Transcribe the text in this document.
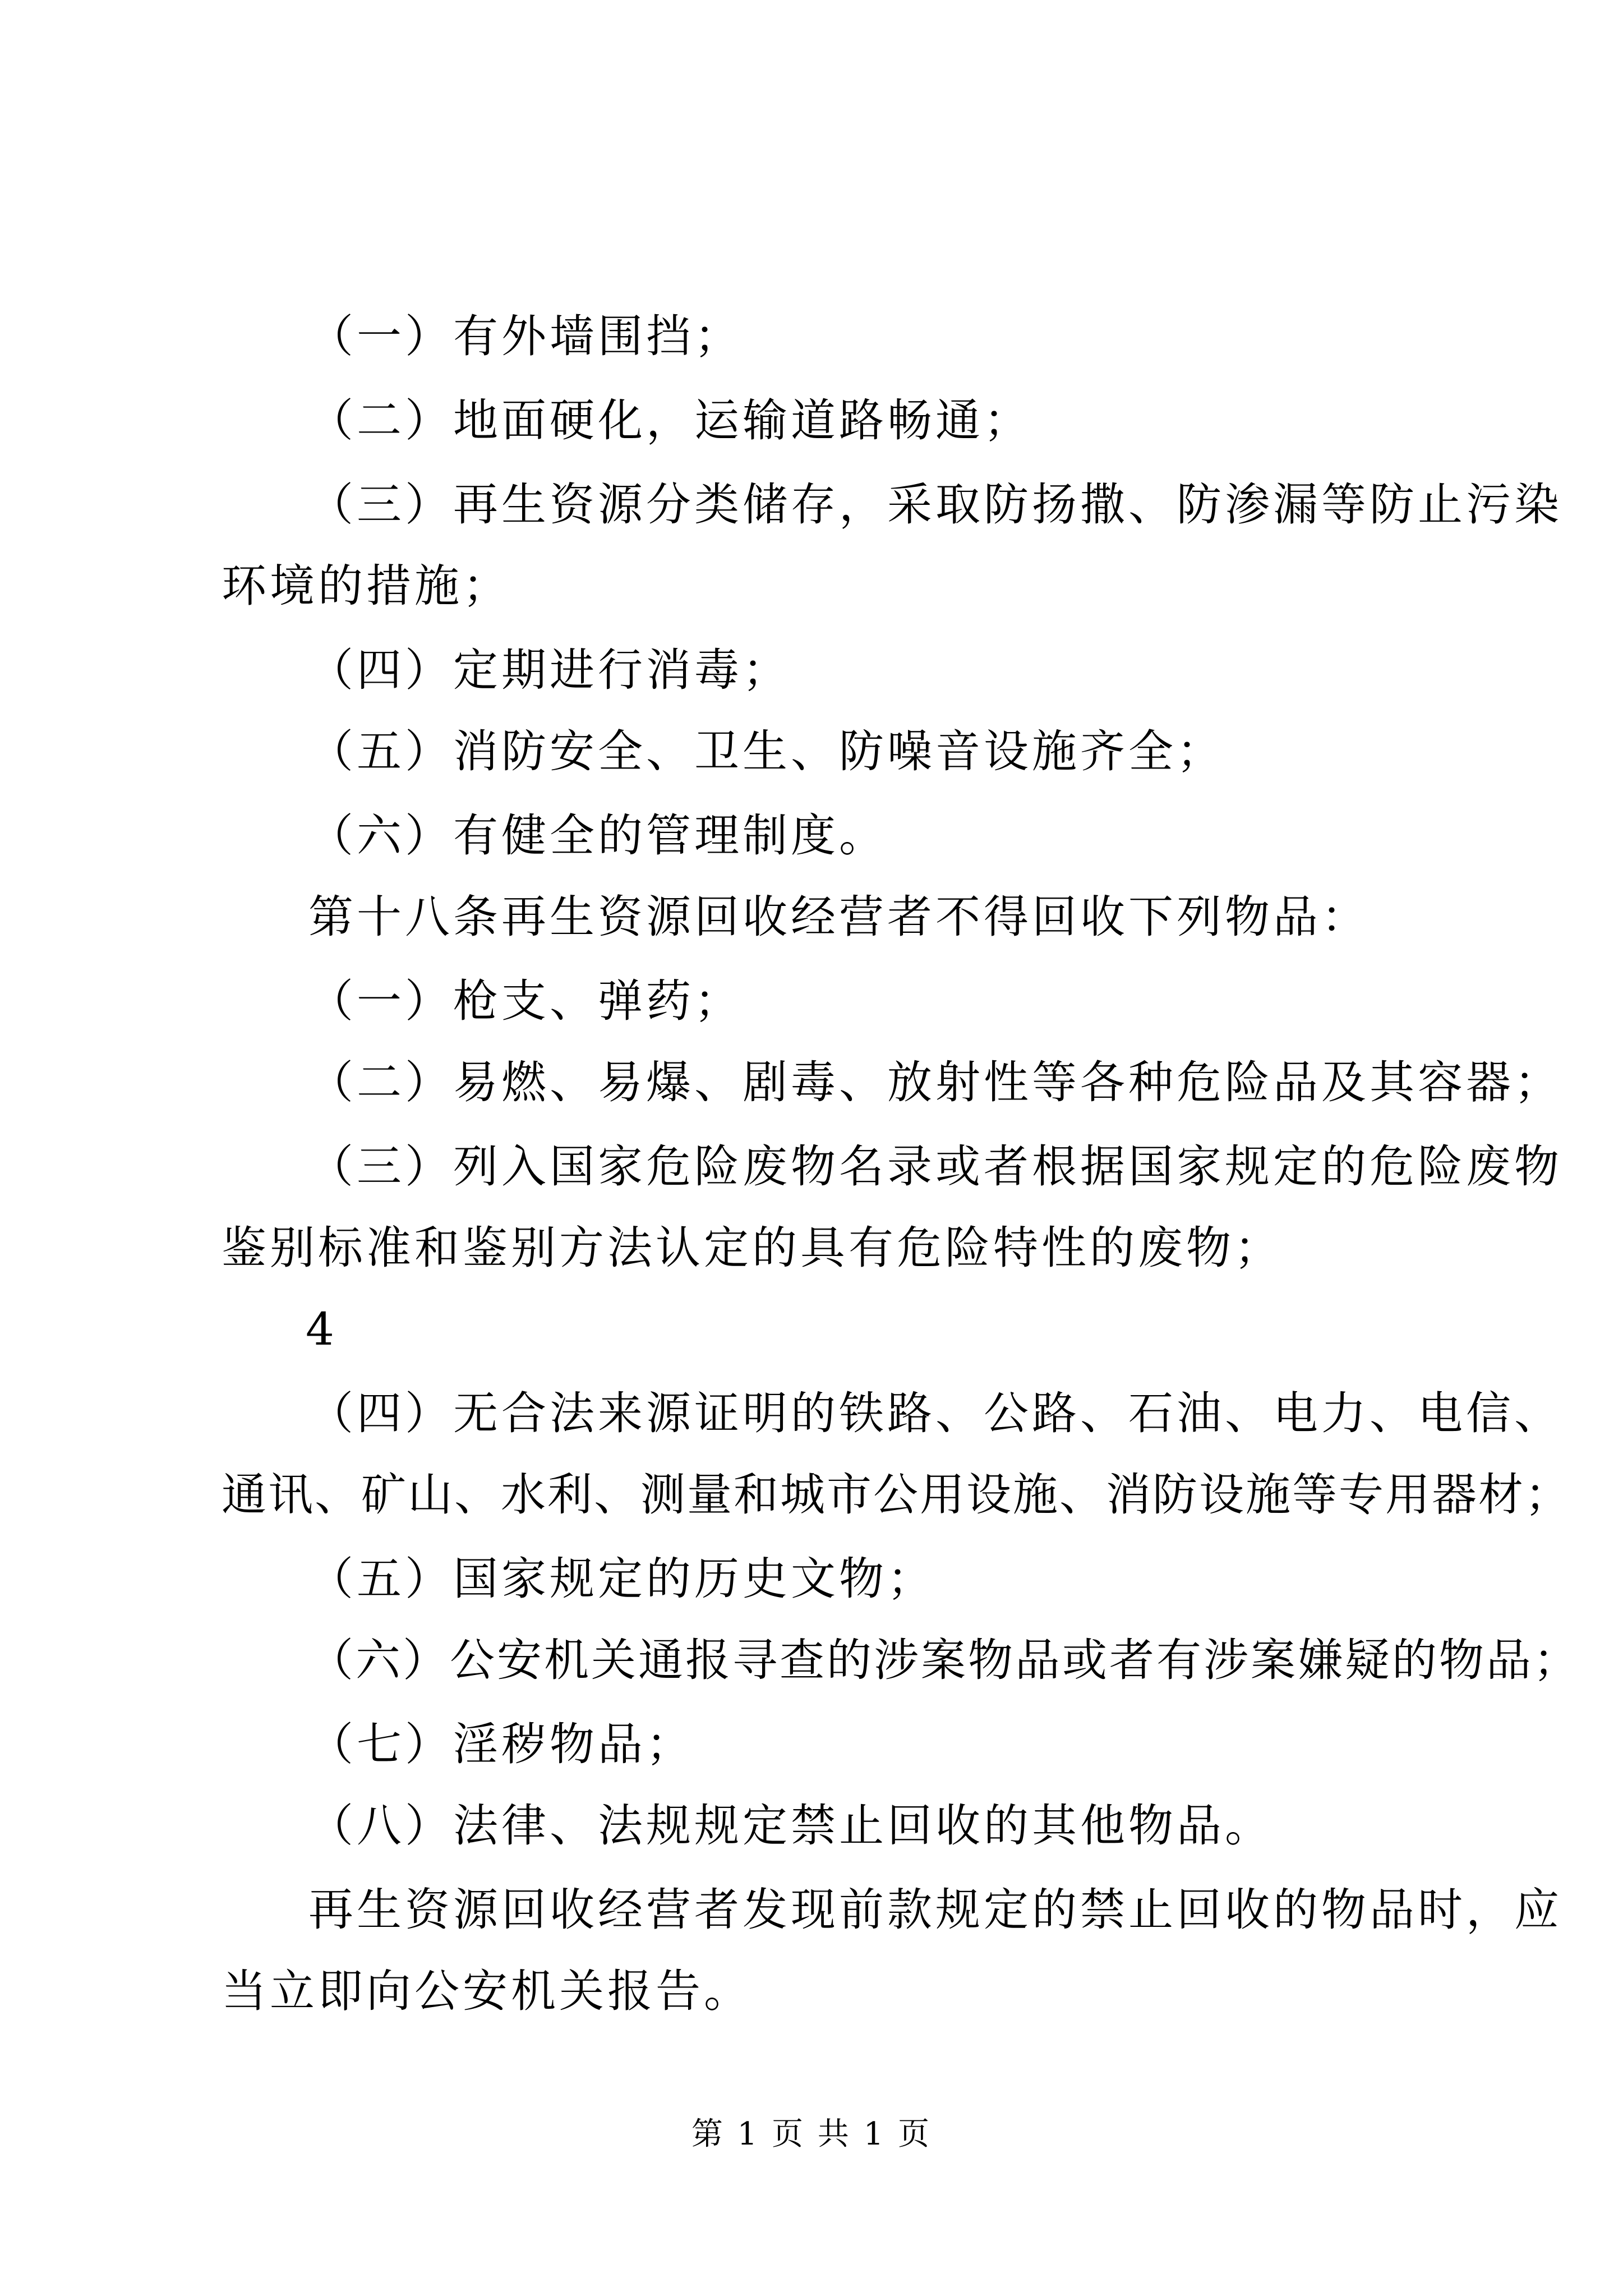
（一）有外墙围挡；
（二）地面硬化，运输道路畅通；
（三）再生资源分类储存，采取防扬撒、防渗漏等防止污染
环境的措施；
（四）定期进行消毒；
（五）消防安全、卫生、防噪音设施齐全；
（六）有健全的管理制度。
第十八条再生资源回收经营者不得回收下列物品：
（一）枪支、弹药；
（二）易燃、易爆、剧毒、放射性等各种危险品及其容器；
（三）列入国家危险废物名录或者根据国家规定的危险废物
鉴别标准和鉴别方法认定的具有危险特性的废物；
4
（四）无合法来源证明的铁路、公路、石油、电力、电信、
通讯、矿山、水利、测量和城市公用设施、消防设施等专用器材；
（五）国家规定的历史文物；
（六）公安机关通报寻查的涉案物品或者有涉案嫌疑的物品；
（七）淫秽物品；
（八）法律、法规规定禁止回收的其他物品。
再生资源回收经营者发现前款规定的禁止回收的物品时，应
当立即向公安机关报告。
第 1 页 共 1 页
